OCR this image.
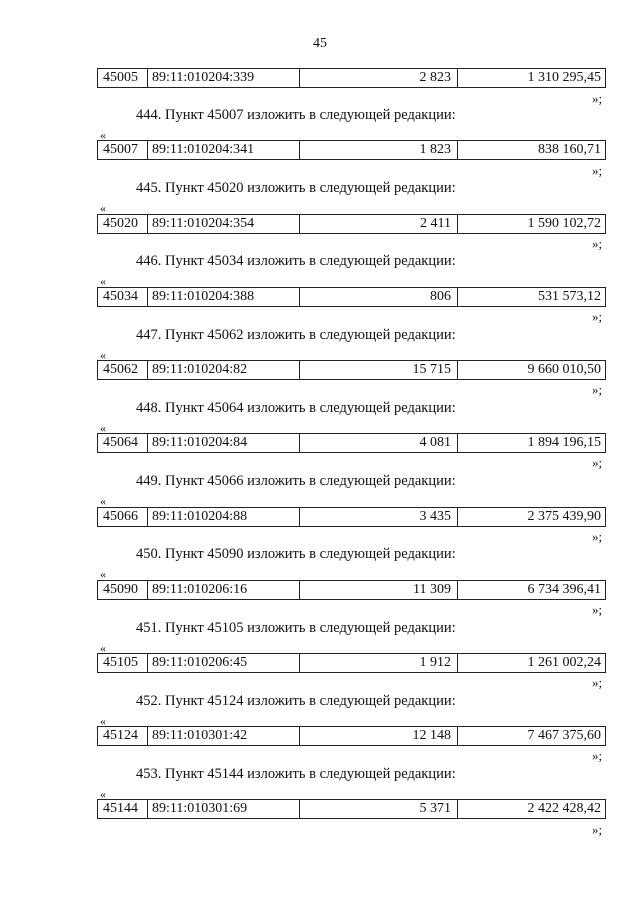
45
45005	89:11:010204:339	2 823	1 310 295,45
»;
444. Пункт 45007 изложить в следующей редакции:
«
45007	89:11:010204:341	1 823	838 160,71
»;
445. Пункт 45020 изложить в следующей редакции:
«
45020	89:11:010204:354	2 411	1 590 102,72
»;
446. Пункт 45034 изложить в следующей редакции:
«
45034	89:11:010204:388	806	531 573,12
»;
447. Пункт 45062 изложить в следующей редакции:
«
45062	89:11:010204:82	15 715	9 660 010,50
»;
448. Пункт 45064 изложить в следующей редакции:
«
45064	89:11:010204:84	4 081	1 894 196,15
»;
449. Пункт 45066 изложить в следующей редакции:
«
45066	89:11:010204:88	3 435	2 375 439,90
»;
450. Пункт 45090 изложить в следующей редакции:
«
45090	89:11:010206:16	11 309	6 734 396,41
»;
451. Пункт 45105 изложить в следующей редакции:
«
45105	89:11:010206:45	1 912	1 261 002,24
»;
452. Пункт 45124 изложить в следующей редакции:
«
45124	89:11:010301:42	12 148	7 467 375,60
»;
453. Пункт 45144 изложить в следующей редакции:
«
45144	89:11:010301:69	5 371	2 422 428,42
»;
